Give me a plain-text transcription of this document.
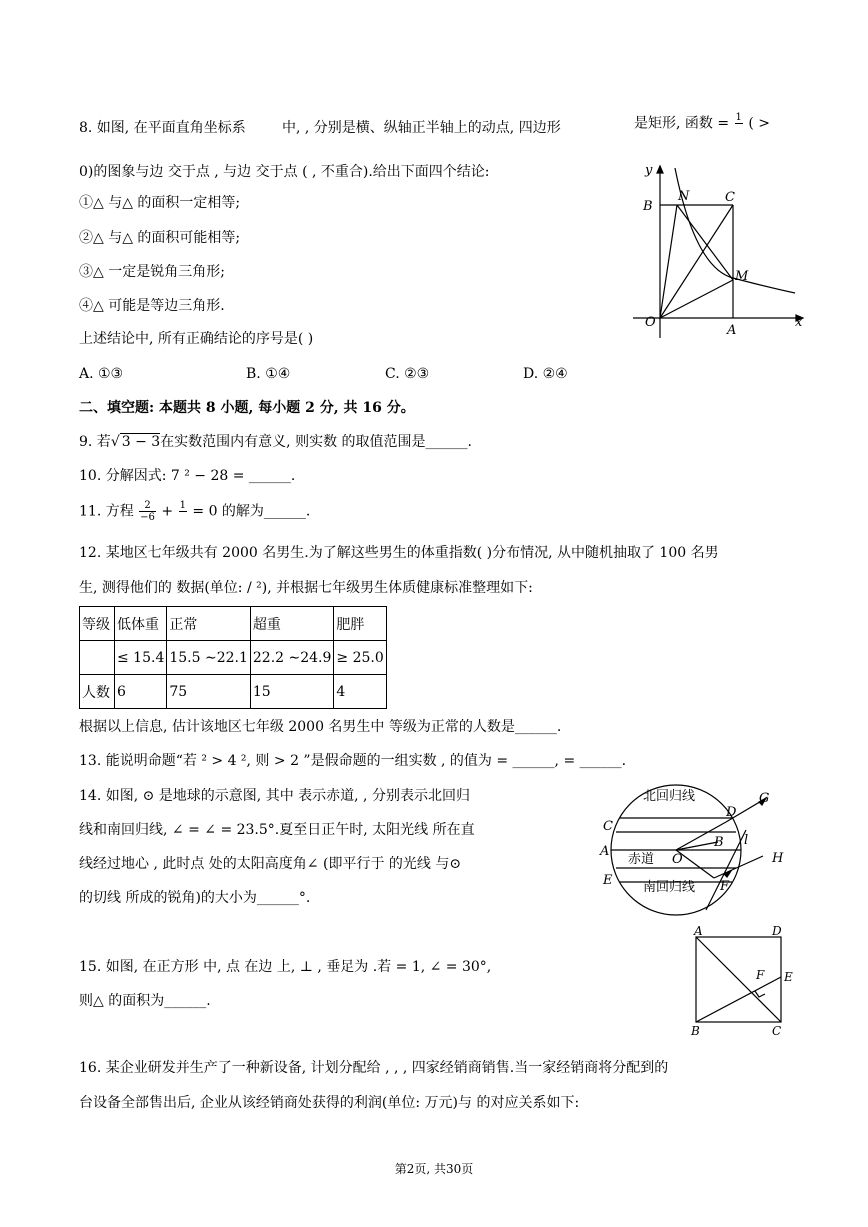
8. 如图, 在平面直角坐标系	中, , 分别是横、纵轴正半轴上的动点, 四边形	是矩形, 函数 = 1
( >
0)的图象与边 交于点 , 与边 交于点 ( , 不重合).给出下面四个结论:
①△ 与△ 的面积一定相等;
②△ 与△ 的面积可能相等;
③△ 一定是锐角三角形;
④△ 可能是等边三角形.
上述结论中, 所有正确结论的序号是( )
A. ①③	B. ①④	C. ②③	D. ②④
y
x
O
A
B
C
N
M
二、填空题: 本题共 8 小题, 每小题 2 分, 共 16 分。
9. 若√ 3 − 3在实数范围内有意义, 则实数 的取值范围是______.
10. 分解因式: 7 ² − 28 = ______.
11. 方程 $\frac{2}{-6} + 1$
= 0 的解为______.
12. 某地区七年级共有 2000 名男生.为了解这些男生的体重指数( )分布情况, 从中随机抽取了 100 名男
生, 测得他们的 数据(单位: / ²), 并根据七年级男生体质健康标准整理如下:
等级	低体重	正常	超重	肥胖
	≤ 15.4	15.5 ∼22.1	22.2 ∼24.9	≥ 25.0
人数	6	75	15	4
根据以上信息, 估计该地区七年级 2000 名男生中 等级为正常的人数是______.
13. 能说明命题“若 ² > 4 ², 则 > 2 ”是假命题的一组实数 , 的值为 = ______, = ______.
14. 如图, ⊙ 是地球的示意图, 其中 表示赤道, , 分别表示北回归
线和南回归线, ∠ = ∠ = 23.5°.夏至日正午时, 太阳光线 所在直
线经过地心 , 此时点 处的太阳高度角∠ (即平行于 的光线 与⊙
的切线 所成的锐角)的大小为______°.
北回归线
赤道
南回归线
C
D
G
A
O
B l
E	F
H
15. 如图, 在正方形 中, 点 在边 上, ⊥ , 垂足为 .若 = 1, ∠ = 30°,
则△ 的面积为______.
A	D
F E
B	C
16. 某企业研发并生产了一种新设备, 计划分配给 , , , 四家经销商销售.当一家经销商将分配到的
台设备全部售出后, 企业从该经销商处获得的利润(单位: 万元)与 的对应关系如下:
第2页, 共30页
